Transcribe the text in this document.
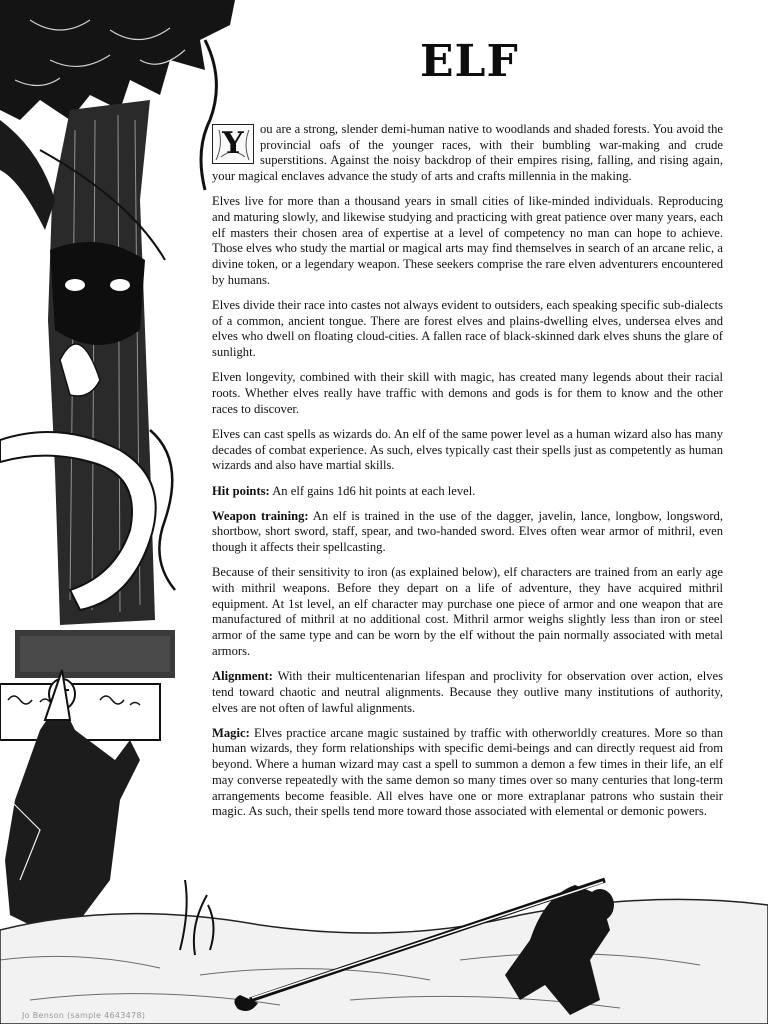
ELF

Y	ou are a strong, slender demi-human native to woodlands and shaded forests. You avoid the provincial oafs of the younger races, with their bumbling war-making and crude superstitions. Against the noisy backdrop of their empires rising, falling, and rising again, your magical enclaves advance the study of arts and crafts millennia in the making.

Elves live for more than a thousand years in small cities of like-minded individuals. Reproducing and maturing slowly, and likewise studying and practicing with great patience over many years, each elf masters their chosen area of expertise at a level of competency no man can hope to achieve. Those elves who study the martial or magical arts may find themselves in search of an arcane relic, a divine token, or a legendary weapon. These seekers comprise the rare elven adventurers encountered by humans.

Elves divide their race into castes not always evident to outsiders, each speaking specific sub-dialects of a common, ancient tongue. There are forest elves and plains-dwelling elves, undersea elves and elves who dwell on floating cloud-cities. A fallen race of black-skinned dark elves shuns the glare of sunlight.

Elven longevity, combined with their skill with magic, has created many legends about their racial roots. Whether elves really have traffic with demons and gods is for them to know and the other races to discover.

Elves can cast spells as wizards do. An elf of the same power level as a human wizard also has many decades of combat experience. As such, elves typically cast their spells just as competently as human wizards and also have martial skills.

Hit points: An elf gains 1d6 hit points at each level.

Weapon training: An elf is trained in the use of the dagger, javelin, lance, longbow, longsword, shortbow, short sword, staff, spear, and two-handed sword. Elves often wear armor of mithril, even though it affects their spellcasting.

Because of their sensitivity to iron (as explained below), elf characters are trained from an early age with mithril weapons. Before they depart on a life of adventure, they have acquired mithril equipment. At 1st level, an elf character may purchase one piece of armor and one weapon that are manufactured of mithril at no additional cost. Mithril armor weighs slightly less than iron or steel armor of the same type and can be worn by the elf without the pain normally associated with metal armors.

Alignment: With their multicentenarian lifespan and proclivity for observation over action, elves tend toward chaotic and neutral alignments. Because they outlive many institutions of authority, elves are not often of lawful alignments.

Magic: Elves practice arcane magic sustained by traffic with otherworldly creatures. More so than human wizards, they form relationships with specific demi-beings and can directly request aid from beyond. Where a human wizard may cast a spell to summon a demon a few times in their life, an elf may converse repeatedly with the same demon so many times over so many centuries that long-term arrangements become feasible. All elves have one or more extraplanar patrons who sustain their magic. As such, their spells tend more toward those associated with elemental or demonic powers.

Jo Benson (sample 4643478)
